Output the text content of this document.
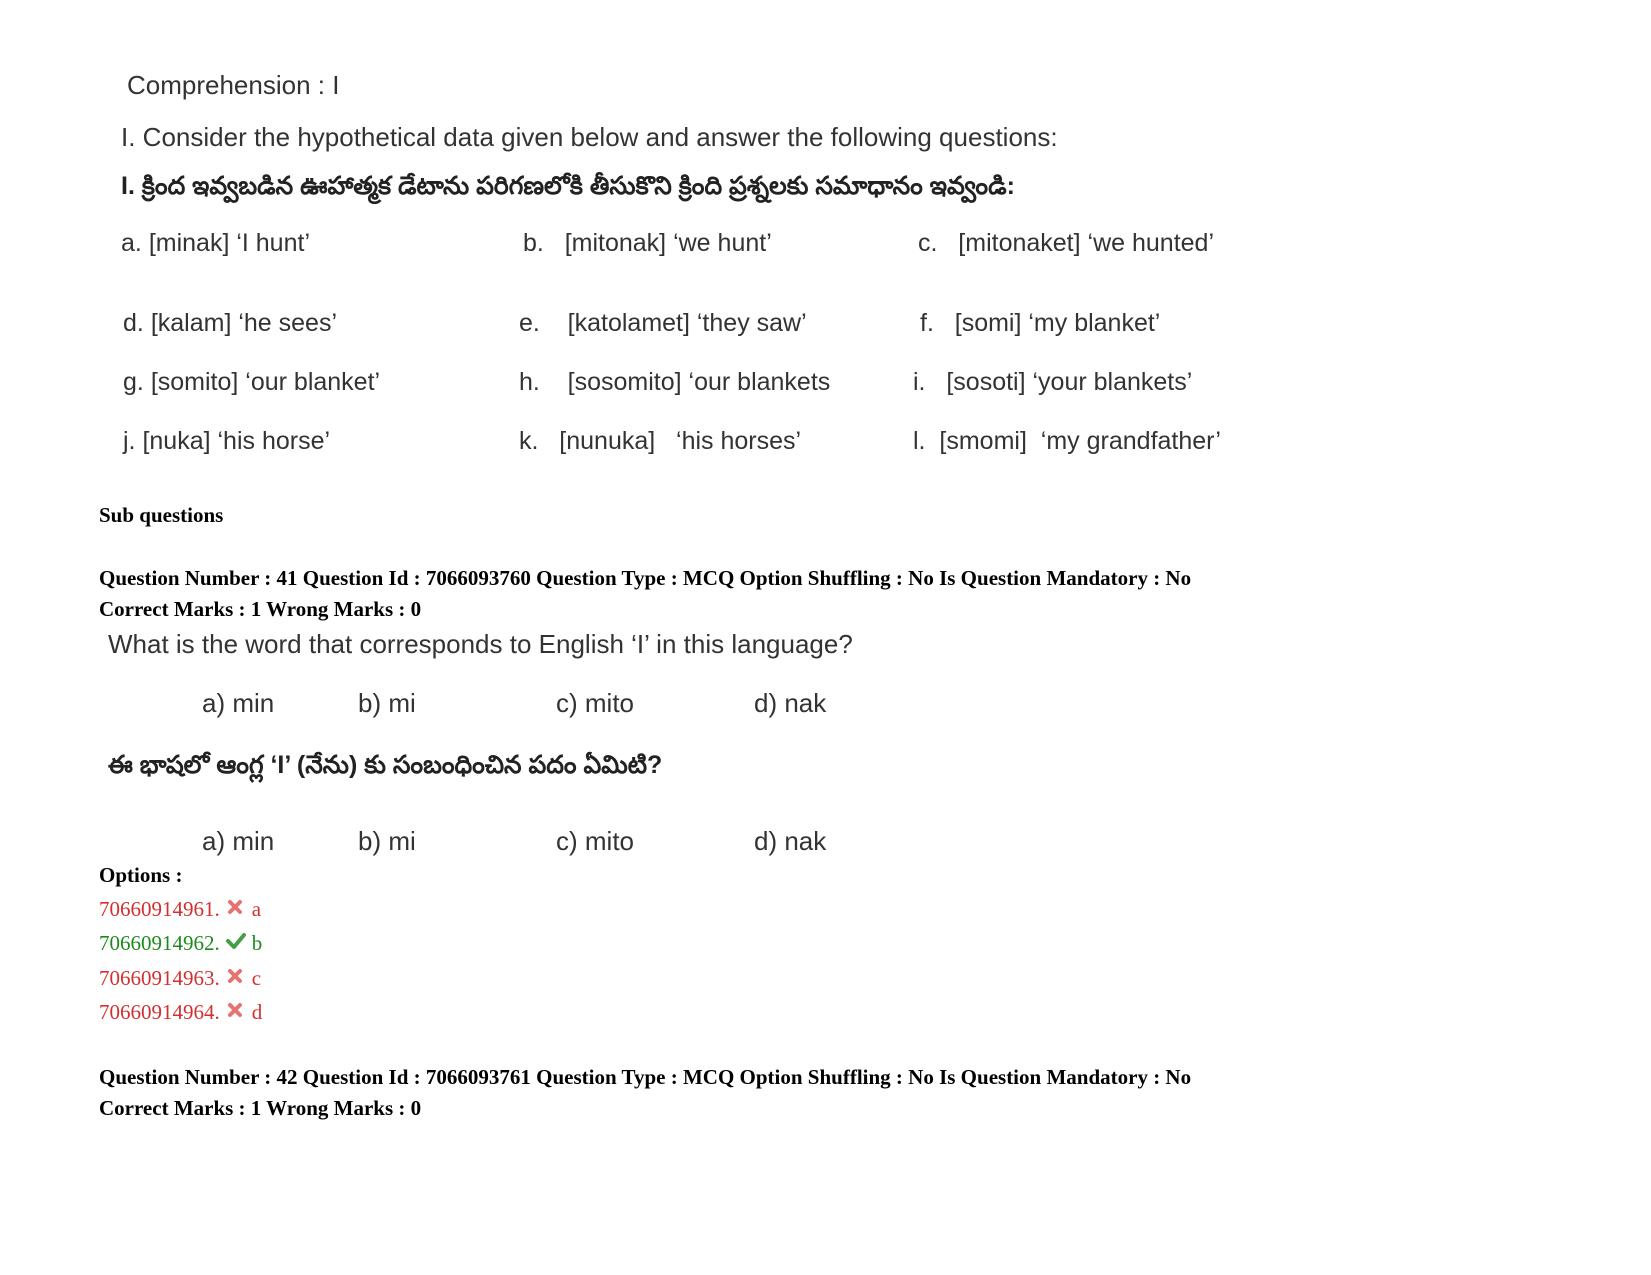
Comprehension : I
I. Consider the hypothetical data given below and answer the following questions:
I. క్రింద ఇవ్వబడిన ఊహాత్మక డేటాను పరిగణలోకి తీసుకొని క్రింది ప్రశ్నలకు సమాధానం ఇవ్వండి:
a. [minak] ‘I hunt’	b. [mitonak] ‘we hunt’	c. [mitonaket] ‘we hunted’
d. [kalam] ‘he sees’	e. [katolamet] ‘they saw’	f. [somi] ‘my blanket’
g. [somito] ‘our blanket’	h. [sosomito] ‘our blankets	i. [sosoti] ‘your blankets’
j. [nuka] ‘his horse’	k. [nunuka]   ‘his horses’	l. [smomi]  ‘my grandfather’
Sub questions
Question Number : 41 Question Id : 7066093760 Question Type : MCQ Option Shuffling : No Is Question Mandatory : No
Correct Marks : 1 Wrong Marks : 0
What is the word that corresponds to English ‘I’ in this language?
a) min	b) mi	c) mito	d) nak
ఈ భాషలో ఆంగ్ల ‘I’ (నేను) కు సంబంధించిన పదం ఏమిటి?
a) min	b) mi	c) mito	d) nak
Options :
70660914961. a
70660914962. b
70660914963. c
70660914964. d
Question Number : 42 Question Id : 7066093761 Question Type : MCQ Option Shuffling : No Is Question Mandatory : No
Correct Marks : 1 Wrong Marks : 0
